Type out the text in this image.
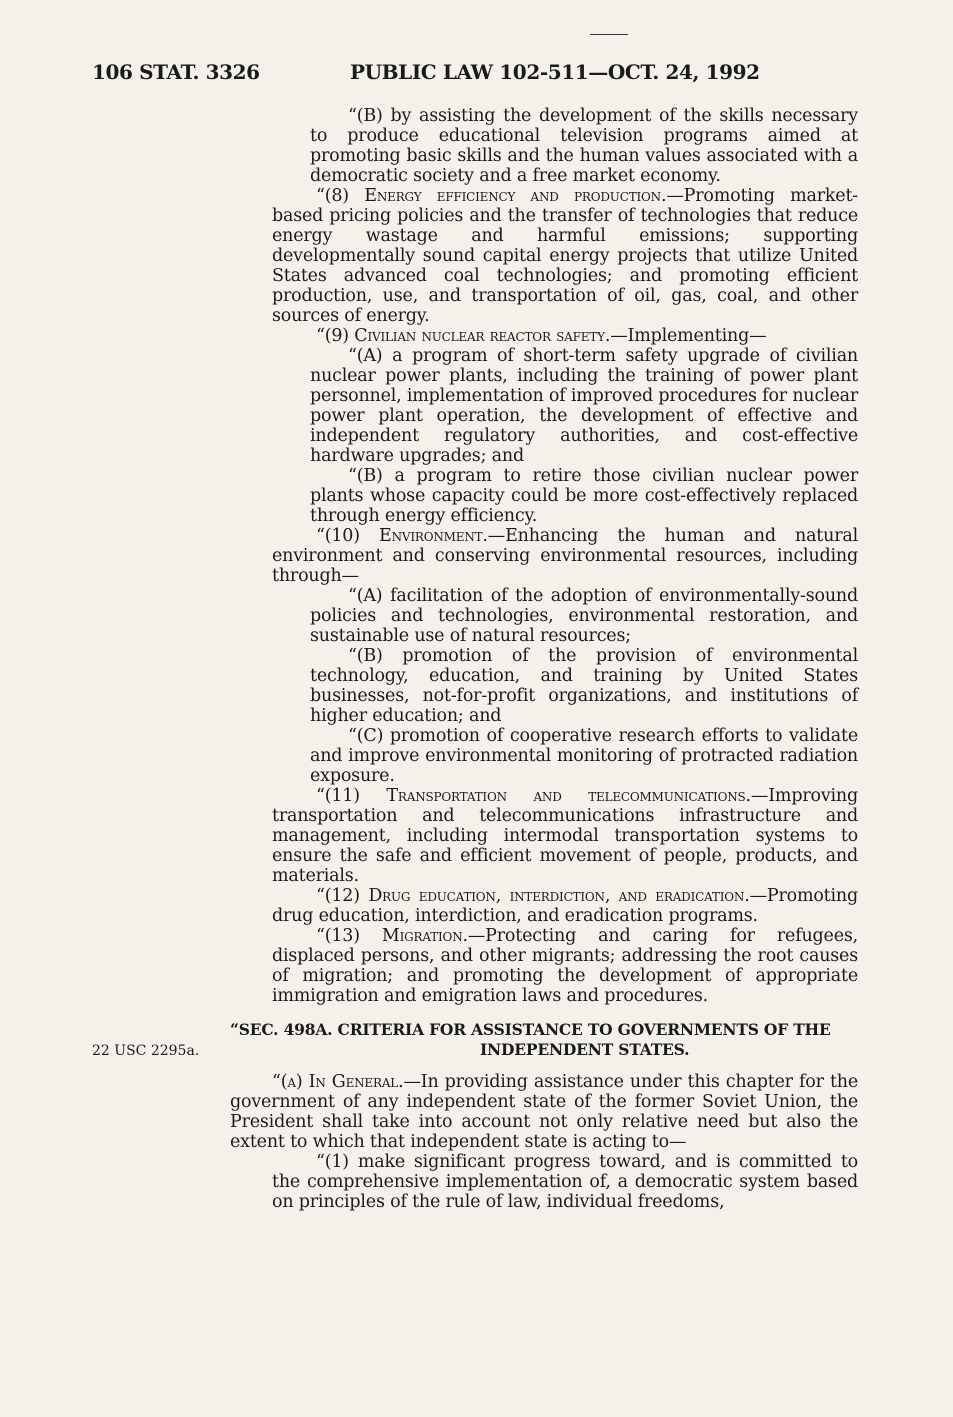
106 STAT. 3326	PUBLIC LAW 102-511—OCT. 24, 1992
22 USC 2295a.

“(B) by assisting the development of the skills necessary to produce educational television programs aimed at promoting basic skills and the human values associated with a democratic society and a free market economy.

“(8) Energy efficiency and production.—Promoting market-based pricing policies and the transfer of technologies that reduce energy wastage and harmful emissions; supporting developmentally sound capital energy projects that utilize United States advanced coal technologies; and promoting efficient production, use, and transportation of oil, gas, coal, and other sources of energy.

“(9) Civilian nuclear reactor safety.—Implementing—

“(A) a program of short-term safety upgrade of civilian nuclear power plants, including the training of power plant personnel, implementation of improved procedures for nuclear power plant operation, the development of effective and independent regulatory authorities, and cost-effective hardware upgrades; and

“(B) a program to retire those civilian nuclear power plants whose capacity could be more cost-effectively replaced through energy efficiency.

“(10) Environment.—Enhancing the human and natural environment and conserving environmental resources, including through—

“(A) facilitation of the adoption of environmentally-sound policies and technologies, environmental restoration, and sustainable use of natural resources;

“(B) promotion of the provision of environmental technology, education, and training by United States businesses, not-for-profit organizations, and institutions of higher education; and

“(C) promotion of cooperative research efforts to validate and improve environmental monitoring of protracted radiation exposure.

“(11) Transportation and telecommunications.—Improving transportation and telecommunications infrastructure and management, including intermodal transportation systems to ensure the safe and efficient movement of people, products, and materials.

“(12) Drug education, interdiction, and eradication.—Promoting drug education, interdiction, and eradication programs.

“(13) Migration.—Protecting and caring for refugees, displaced persons, and other migrants; addressing the root causes of migration; and promoting the development of appropriate immigration and emigration laws and procedures.

“SEC. 498A. CRITERIA FOR ASSISTANCE TO GOVERNMENTS OF THE
INDEPENDENT STATES.

“(a) In General.—In providing assistance under this chapter for the government of any independent state of the former Soviet Union, the President shall take into account not only relative need but also the extent to which that independent state is acting to—

“(1) make significant progress toward, and is committed to the comprehensive implementation of, a democratic system based on principles of the rule of law, individual freedoms,
